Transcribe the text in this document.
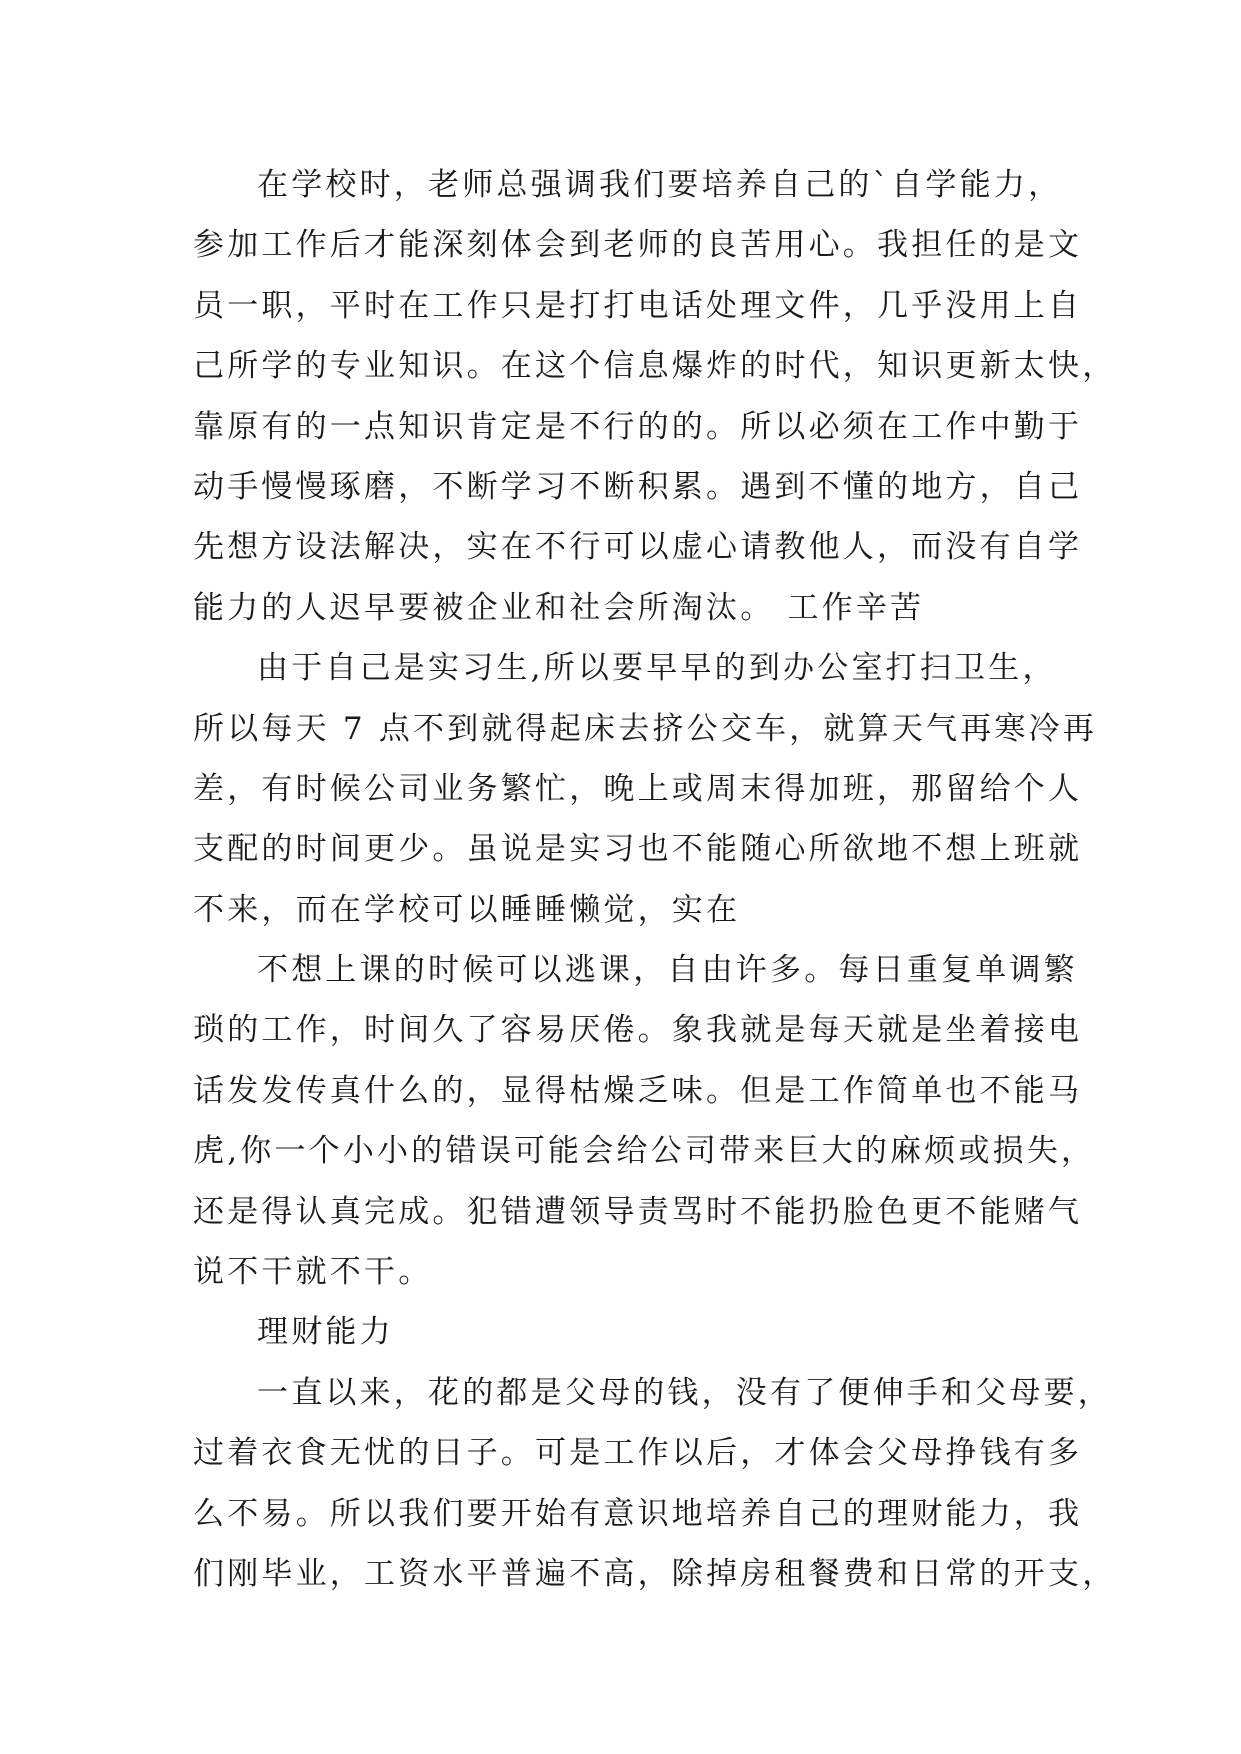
在学校时，老师总强调我们要培养自己的`自学能力，
参加工作后才能深刻体会到老师的良苦用心。我担任的是文
员一职，平时在工作只是打打电话处理文件，几乎没用上自
己所学的专业知识。在这个信息爆炸的时代，知识更新太快，
靠原有的一点知识肯定是不行的的。所以必须在工作中勤于
动手慢慢琢磨，不断学习不断积累。遇到不懂的地方，自己
先想方设法解决，实在不行可以虚心请教他人，而没有自学
能力的人迟早要被企业和社会所淘汰。 工作辛苦
由于自己是实习生,所以要早早的到办公室打扫卫生，
所以每天 7 点不到就得起床去挤公交车，就算天气再寒冷再
差，有时候公司业务繁忙，晚上或周末得加班，那留给个人
支配的时间更少。虽说是实习也不能随心所欲地不想上班就
不来，而在学校可以睡睡懒觉，实在
不想上课的时候可以逃课，自由许多。每日重复单调繁
琐的工作，时间久了容易厌倦。象我就是每天就是坐着接电
话发发传真什么的，显得枯燥乏味。但是工作简单也不能马
虎,你一个小小的错误可能会给公司带来巨大的麻烦或损失，
还是得认真完成。犯错遭领导责骂时不能扔脸色更不能赌气
说不干就不干。
理财能力
一直以来，花的都是父母的钱，没有了便伸手和父母要，
过着衣食无忧的日子。可是工作以后，才体会父母挣钱有多
么不易。所以我们要开始有意识地培养自己的理财能力，我
们刚毕业，工资水平普遍不高，除掉房租餐费和日常的开支，
